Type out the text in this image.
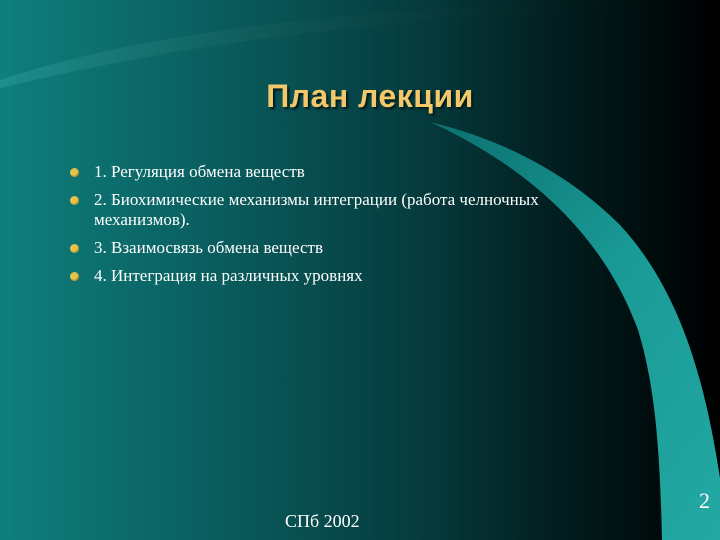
План лекции
1. Регуляция обмена веществ
2. Биохимические механизмы интеграции (работа челночных механизмов).
3. Взаимосвязь обмена веществ
4. Интеграция на различных уровнях
СПб 2002
2
